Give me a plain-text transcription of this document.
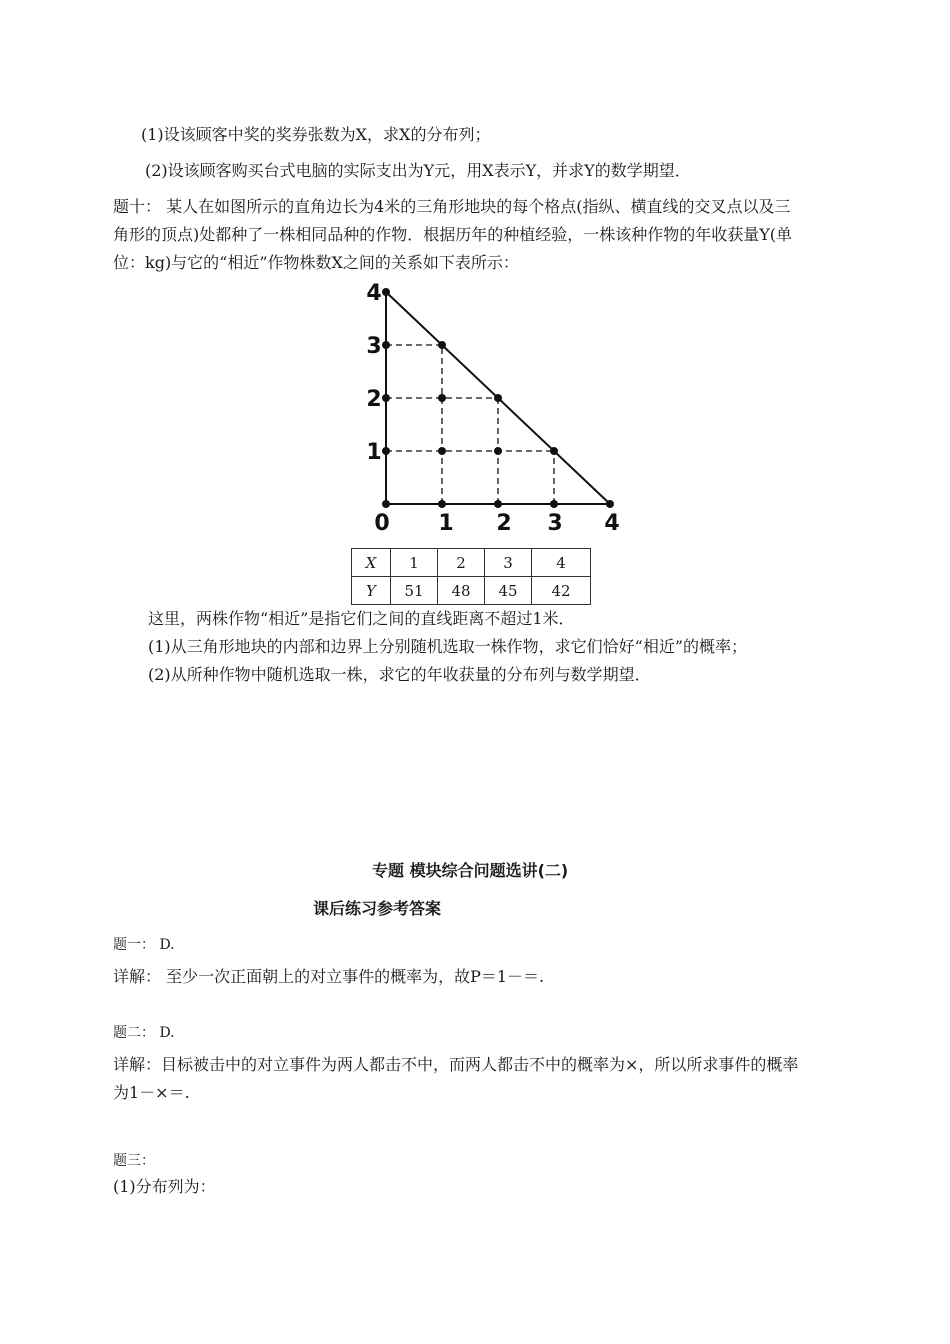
(1)设该顾客中奖的奖券张数为X，求X的分布列；
(2)设该顾客购买台式电脑的实际支出为Y元，用X表示Y，并求Y的数学期望．
题十： 某人在如图所示的直角边长为4米的三角形地块的每个格点(指纵、横直线的交叉点以及三
角形的顶点)处都种了一株相同品种的作物．根据历年的种植经验，一株该种作物的年收获量Y(单
位：kg)与它的“相近”作物株数X之间的关系如下表所示：
4
3
2
1
0 1 2 3 4
X	1	2	3	4
Y	51	48	45	42
这里，两株作物“相近”是指它们之间的直线距离不超过1米．
(1)从三角形地块的内部和边界上分别随机选取一株作物，求它们恰好“相近”的概率；
(2)从所种作物中随机选取一株，求它的年收获量的分布列与数学期望．
专题 模块综合问题选讲(二)
课后练习参考答案
题一： D.
详解： 至少一次正面朝上的对立事件的概率为，故P＝1－＝.
题二： D.
详解：目标被击中的对立事件为两人都击不中，而两人都击不中的概率为×，所以所求事件的概率
为1－×＝.
题三：
(1)分布列为：
